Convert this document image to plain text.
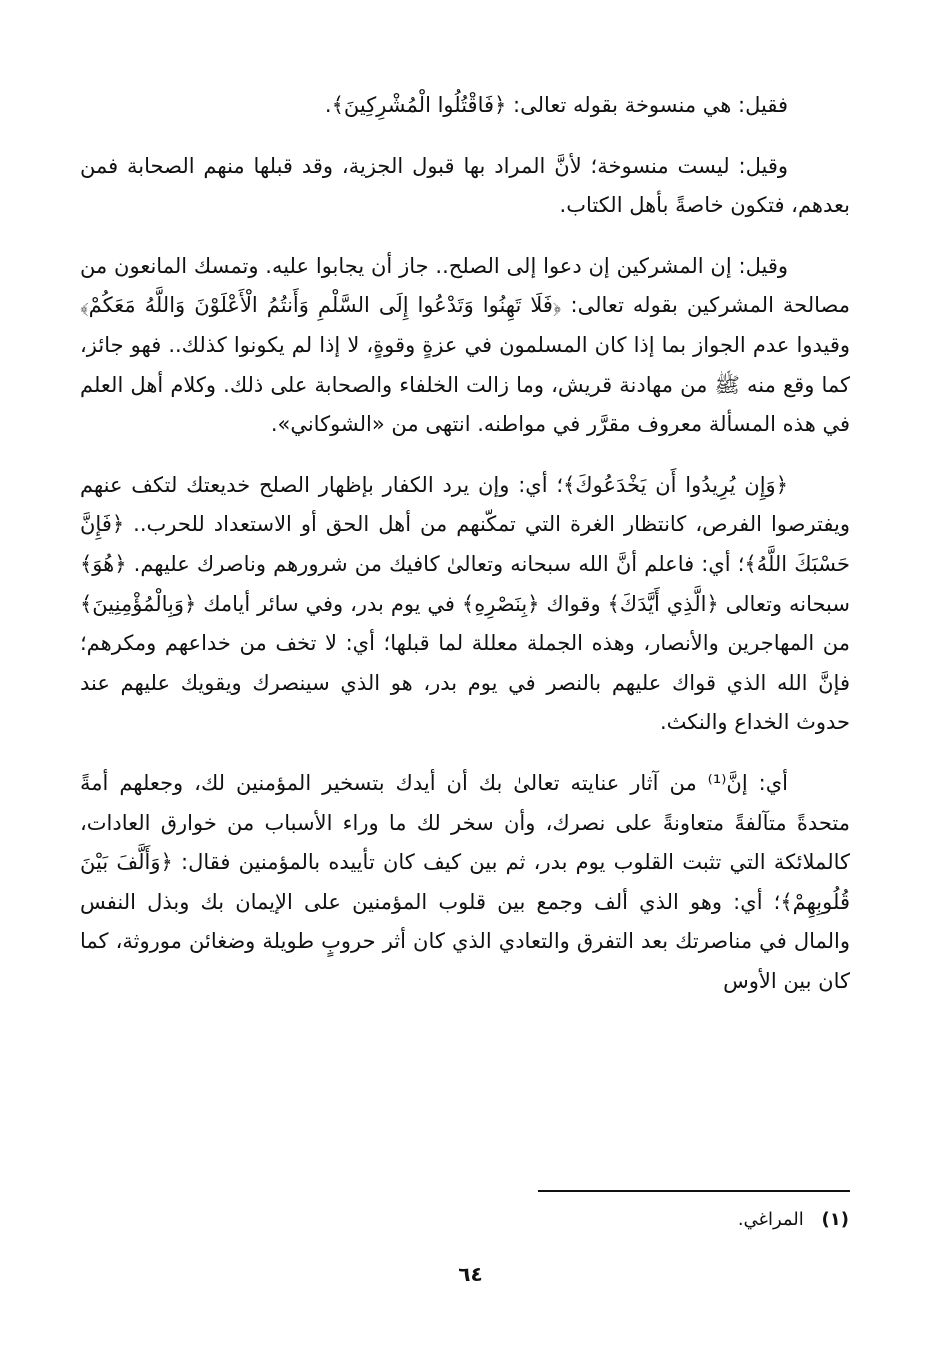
فقيل: هي منسوخة بقوله تعالى: ﴿فَاقْتُلُوا الْمُشْرِكِينَ﴾.

وقيل: ليست منسوخة؛ لأنَّ المراد بها قبول الجزية، وقد قبلها منهم الصحابة فمن بعدهم، فتكون خاصةً بأهل الكتاب.

وقيل: إن المشركين إن دعوا إلى الصلح.. جاز أن يجابوا عليه. وتمسك المانعون من مصالحة المشركين بقوله تعالى: ﴿فَلَا تَهِنُوا وَتَدْعُوا إِلَى السَّلْمِ وَأَنتُمُ الْأَعْلَوْنَ وَاللَّهُ مَعَكُمْ﴾ وقيدوا عدم الجواز بما إذا كان المسلمون في عزةٍ وقوةٍ، لا إذا لم يكونوا كذلك.. فهو جائز، كما وقع منه ﷺ من مهادنة قريش، وما زالت الخلفاء والصحابة على ذلك. وكلام أهل العلم في هذه المسألة معروف مقرَّر في مواطنه. انتهى من «الشوكاني».

﴿وَإِن يُرِيدُوا أَن يَخْدَعُوكَ﴾؛ أي: وإن يرد الكفار بإظهار الصلح خديعتك لتكف عنهم ويفترصوا الفرص، كانتظار الغرة التي تمكّنهم من أهل الحق أو الاستعداد للحرب.. ﴿فَإِنَّ حَسْبَكَ اللَّهُ﴾؛ أي: فاعلم أنَّ الله سبحانه وتعالىٰ كافيك من شرورهم وناصرك عليهم. ﴿هُوَ﴾ سبحانه وتعالى ﴿الَّذِي أَيَّدَكَ﴾ وقواك ﴿بِنَصْرِهِ﴾ في يوم بدر، وفي سائر أيامك ﴿وَبِالْمُؤْمِنِينَ﴾ من المهاجرين والأنصار، وهذه الجملة معللة لما قبلها؛ أي: لا تخف من خداعهم ومكرهم؛ فإنَّ الله الذي قواك عليهم بالنصر في يوم بدر، هو الذي سينصرك ويقويك عليهم عند حدوث الخداع والنكث.

أي: إنَّ⁽¹⁾ من آثار عنايته تعالىٰ بك أن أيدك بتسخير المؤمنين لك، وجعلهم أمةً متحدةً متآلفةً متعاونةً على نصرك، وأن سخر لك ما وراء الأسباب من خوارق العادات، كالملائكة التي تثبت القلوب يوم بدر، ثم بين كيف كان تأييده بالمؤمنين فقال: ﴿وَأَلَّفَ بَيْنَ قُلُوبِهِمْ﴾؛ أي: وهو الذي ألف وجمع بين قلوب المؤمنين على الإيمان بك وبذل النفس والمال في مناصرتك بعد التفرق والتعادي الذي كان أثر حروبٍ طويلة وضغائن موروثة، كما كان بين الأوس

(١) المراغي.
٦٤
